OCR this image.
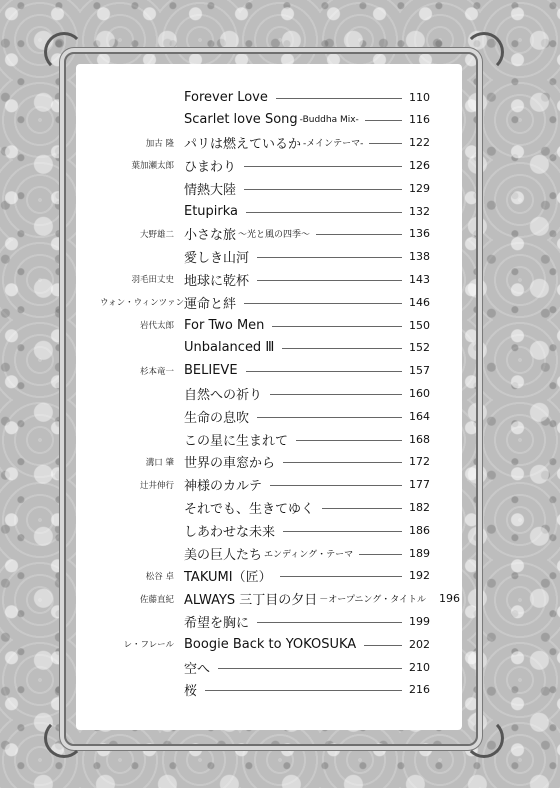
Forever Love	110
Scarlet love Song -Buddha Mix-	116
加古 隆 パリは燃えているか -メインテーマ-	122
葉加瀬太郎 ひまわり	126
情熱大陸	129
Etupirka	132
大野雄二 小さな旅 ～光と風の四季～	136
愛しき山河	138
羽毛田丈史 地球に乾杯	143
ウォン・ウィンツァン 運命と絆	146
岩代太郎 For Two Men	150
Unbalanced Ⅲ	152
杉本竜一 BELIEVE	157
自然への祈り	160
生命の息吹	164
この星に生まれて	168
溝口 肇 世界の車窓から	172
辻井伸行 神様のカルテ	177
それでも、生きてゆく	182
しあわせな未来	186
美の巨人たち エンディング・テーマ	189
松谷 卓 TAKUMI（匠）	192
佐藤直紀 ALWAYS 三丁目の夕日 －オープニング・タイトル 196
希望を胸に	199
レ・フレール Boogie Back to YOKOSUKA	202
空へ	210
桜	216
